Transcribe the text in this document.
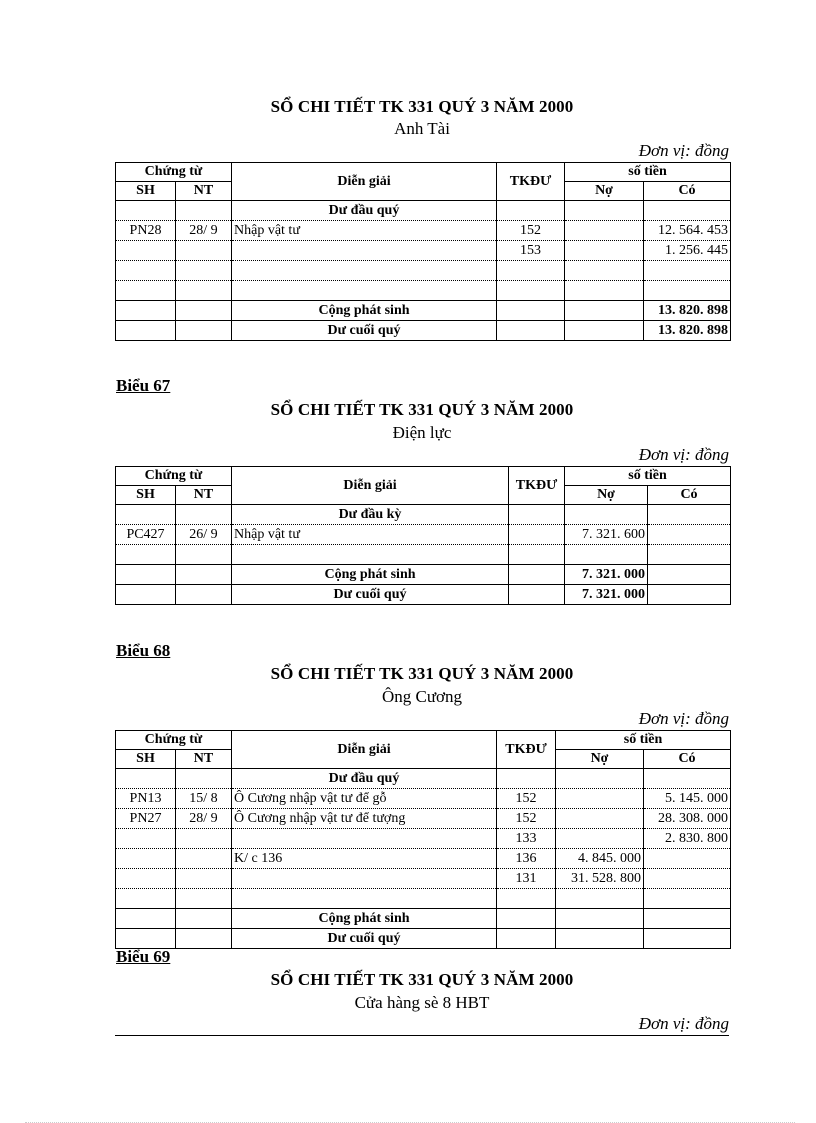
SỔ CHI TIẾT TK 331 QUÝ 3 NĂM 2000
Anh Tài
Đơn vị: đồng
Chứng từ		Diễn giải	TKĐƯ	số tiền	
SH	NT			Nợ	Có
		Dư đầu quý			
PN28	28/ 9	Nhập vật tư	152		12. 564. 453
			153		1. 256. 445

		Cộng phát sinh			13. 820. 898
		Dư cuối quý			13. 820. 898
Biểu 67
SỔ CHI TIẾT TK 331 QUÝ 3 NĂM 2000
Điện lực
Đơn vị: đồng
Chứng từ		Diễn giải	TKĐƯ	số tiền	
SH	NT			Nợ	Có
		Dư đầu kỳ			
PC427	26/ 9	Nhập vật tư		7. 321. 600	

		Cộng phát sinh		7. 321. 000	
		Dư cuối quý		7. 321. 000	
Biểu 68
SỔ CHI TIẾT TK 331 QUÝ 3 NĂM 2000
Ông Cương
Đơn vị: đồng
Chứng từ		Diễn giải	TKĐƯ	số tiền	
SH	NT			Nợ	Có
		Dư đầu quý			
PN13	15/ 8	Ô Cương nhập vật tư để gỗ	152		5. 145. 000
PN27	28/ 9	Ô Cương nhập vật tư để tượng	152		28. 308. 000
			133		2. 830. 800
		K/ c 136	136	4. 845. 000	
			131	31. 528. 800	

		Cộng phát sinh			
		Dư cuối quý			
Biểu 69
SỔ CHI TIẾT TK 331 QUÝ 3 NĂM 2000
Cửa hàng sè 8 HBT
Đơn vị: đồng
